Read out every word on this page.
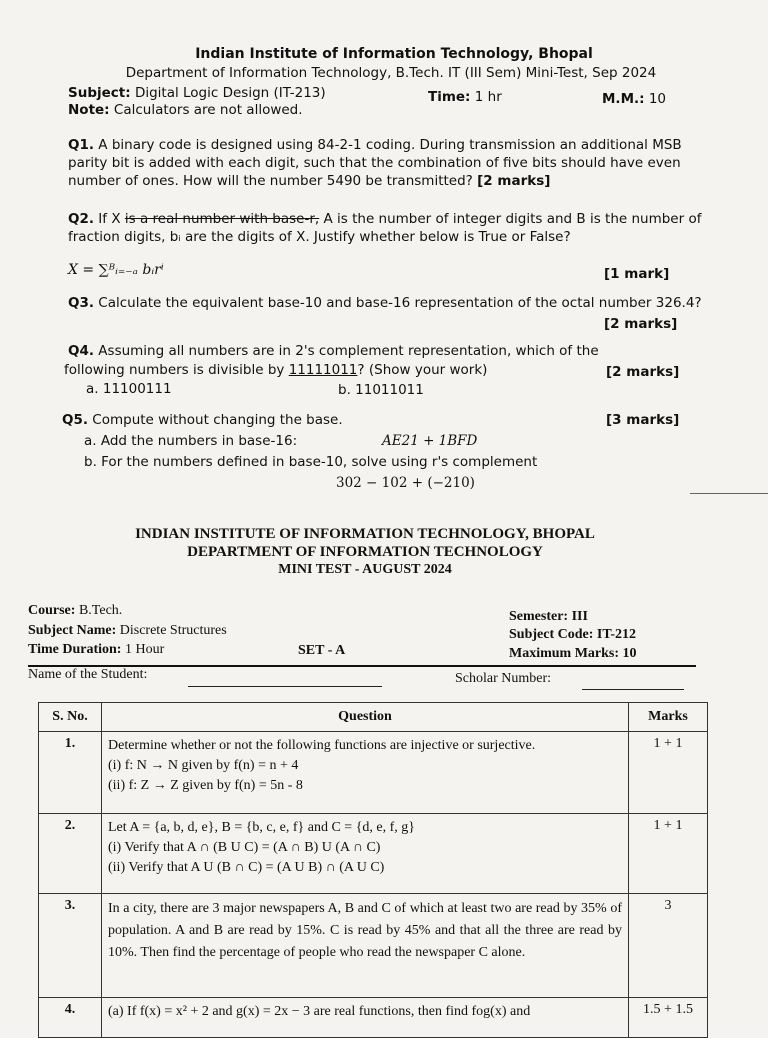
Indian Institute of Information Technology, Bhopal
Department of Information Technology, B.Tech. IT (III Sem) Mini-Test, Sep 2024
Subject: Digital Logic Design (IT-213)	Time: 1 hr	M.M.: 10
Note: Calculators are not allowed.
Q1. A binary code is designed using 84-2-1 coding. During transmission an additional MSB parity bit is added with each digit, such that the combination of five bits should have even number of ones. How will the number 5490 be transmitted? [2 marks]
Q2. If X is a real number with base-r, A is the number of integer digits and B is the number of fraction digits, bᵢ are the digits of X. Justify whether below is True or False?
X = ∑ᴮᵢ₌₋ₐ bᵢrⁱ	[1 mark]
Q3. Calculate the equivalent base-10 and base-16 representation of the octal number 326.4?
[2 marks]
Q4. Assuming all numbers are in 2's complement representation, which of the
following numbers is divisible by 11111011? (Show your work)	[2 marks]
a. 11100111	b. 11011011
Q5. Compute without changing the base.	[3 marks]
a. Add the numbers in base-16:	AE21 + 1BFD
b. For the numbers defined in base-10, solve using r's complement
302 − 102 + (−210)
INDIAN INSTITUTE OF INFORMATION TECHNOLOGY, BHOPAL
DEPARTMENT OF INFORMATION TECHNOLOGY
MINI TEST - AUGUST 2024
Course: B.Tech.
Subject Name: Discrete Structures
Time Duration: 1 Hour	SET - A
Semester: III
Subject Code: IT-212
Maximum Marks: 10
Name of the Student:	Scholar Number:
S. No.	Question	Marks
1.	Determine whether or not the following functions are injective or surjective.
(i) f: N → N given by f(n) = n + 4
(ii) f: Z → Z given by f(n) = 5n - 8	1 + 1
2.	Let A = {a, b, d, e}, B = {b, c, e, f} and C = {d, e, f, g}
(i) Verify that A ∩ (B U C) = (A ∩ B) U (A ∩ C)
(ii) Verify that A U (B ∩ C) = (A U B) ∩ (A U C)	1 + 1
3.	In a city, there are 3 major newspapers A, B and C of which at least two are read by 35% of population. A and B are read by 15%. C is read by 45% and that all the three are read by 10%. Then find the percentage of people who read the newspaper C alone.	3
4.	(a) If f(x) = x² + 2 and g(x) = 2x − 3 are real functions, then find fog(x) and	1.5 + 1.5
